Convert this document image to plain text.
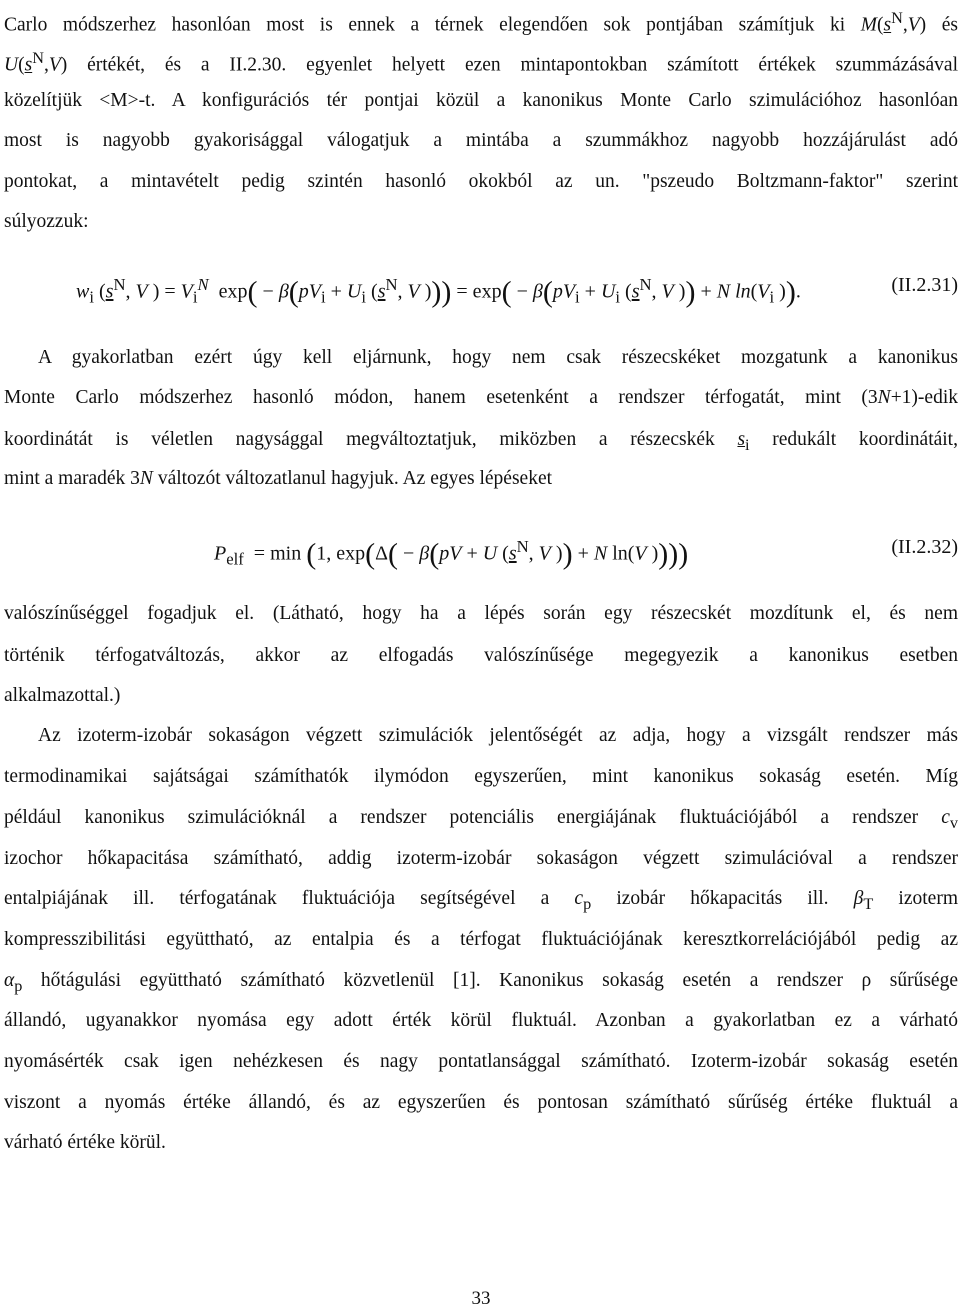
Carlo módszerhez hasonlóan most is ennek a térnek elegendően sok pontjában számítjuk ki $M(s^N,V)$ és
$U(s^N,V)$ értékét, és a II.2.30. egyenlet helyett ezen mintapontokban számított értékek szummázásával
közelítjük <M>-t. A konfigurációs tér pontjai közül a kanonikus Monte Carlo szimulációhoz hasonlóan
most is nagyobb gyakorisággal válogatjuk a mintába a szummákhoz nagyobb hozzájárulást adó
pontokat, a mintavételt pedig szintén hasonló okokból az un. "pszeudo Boltzmann-faktor" szerint
súlyozzuk:
$w_i$ ($s^N$, V ) = $V_i^N$  $\exp( - \beta(pV_i + U_i$ ($s^N$, V ))) = $\exp( - \beta(pV_i + U_i$ ($s^N$, V )) + N $\ln(V_i$ )).	(II.2.31)
A gyakorlatban ezért úgy kell eljárnunk, hogy nem csak részecskéket mozgatunk a kanonikus
Monte Carlo módszerhez hasonló módon, hanem esetenként a rendszer térfogatát, mint (3N+1)-edik
koordinátát is véletlen nagysággal megváltoztatjuk, miközben a részecskék $s_i$ redukált koordinátáit,
mint a maradék 3N változót változatlanul hagyjuk. Az egyes lépéseket
$P_{elf} = \min (1$, exp(Δ( − β(pV + U ($s^N$, V )) + N ln(V ))))	(II.2.32)
valószínűséggel fogadjuk el. (Látható, hogy ha a lépés során egy részecskét mozdítunk el, és nem
történik térfogatváltozás, akkor az elfogadás valószínűsége megegyezik a kanonikus esetben
alkalmazottal.)
Az izoterm-izobár sokaságon végzett szimulációk jelentőségét az adja, hogy a vizsgált rendszer más
termodinamikai sajátságai számíthatók ilymódon egyszerűen, mint kanonikus sokaság esetén. Míg
például kanonikus szimulációknál a rendszer potenciális energiájának fluktuációjából a rendszer $c_v$
izochor hőkapacitása számítható, addig izoterm-izobár sokaságon végzett szimulációval a rendszer
entalpiájának ill. térfogatának fluktuációja segítségével a $c_p$ izobár hőkapacitás ill. $\beta_T$ izoterm
kompresszibilitási együttható, az entalpia és a térfogat fluktuációjának keresztkorrelációjából pedig az
$\alpha_p$ hőtágulási együttható számítható közvetlenül [1]. Kanonikus sokaság esetén a rendszer ρ sűrűsége
állandó, ugyanakkor nyomása egy adott érték körül fluktuál. Azonban a gyakorlatban ez a várható
nyomásérték csak igen nehézkesen és nagy pontatlansággal számítható. Izoterm-izobár sokaság esetén
viszont a nyomás értéke állandó, és az egyszerűen és pontosan számítható sűrűség értéke fluktuál a
várható értéke körül.
33
